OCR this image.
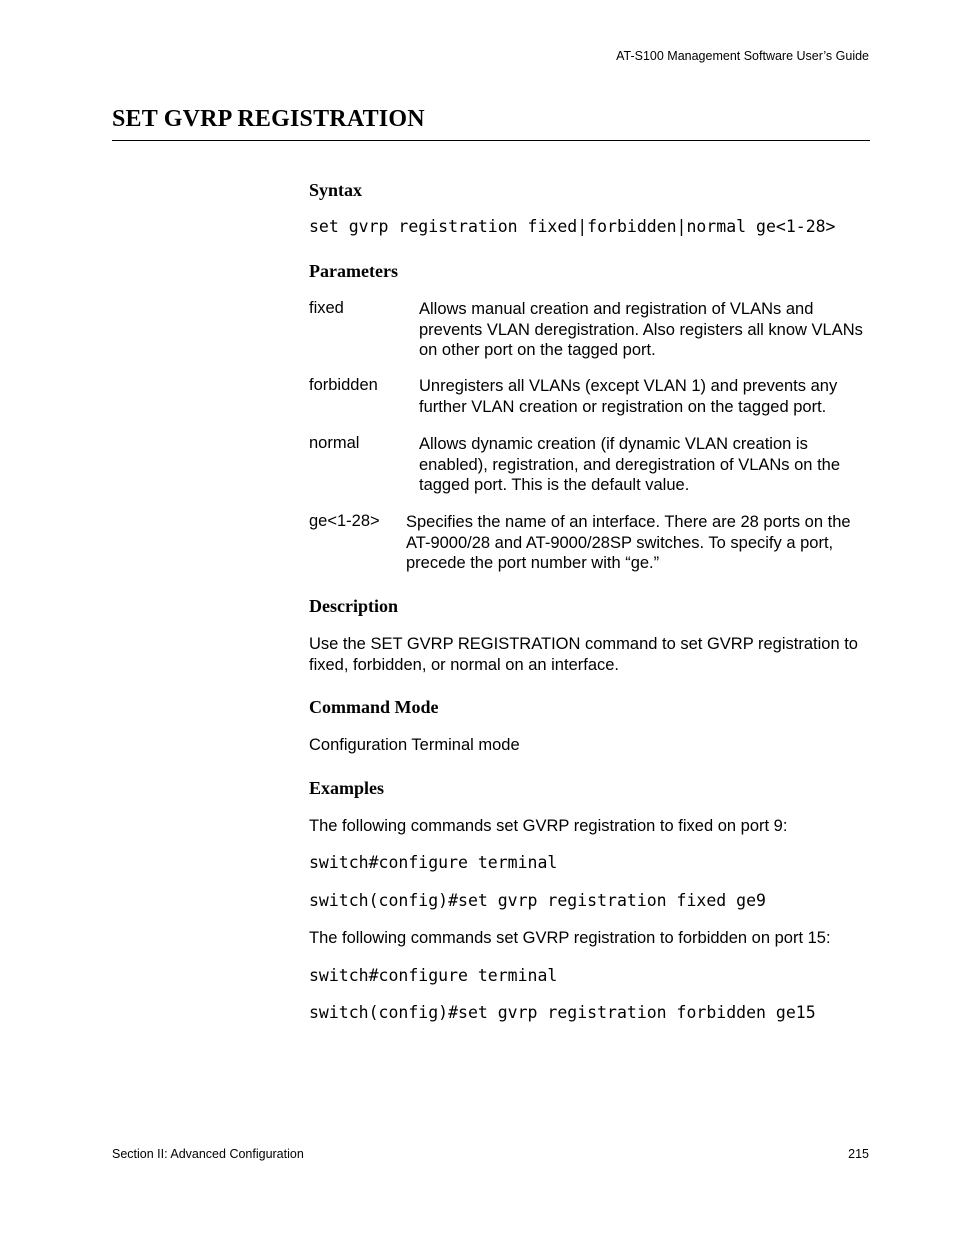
AT-S100 Management Software User’s Guide
SET GVRP REGISTRATION
Syntax
set gvrp registration fixed|forbidden|normal ge<1-28>
Parameters
fixed	Allows manual creation and registration of VLANs and prevents VLAN deregistration. Also registers all know VLANs on other port on the tagged port.
forbidden Unregisters all VLANs (except VLAN 1) and prevents any further VLAN creation or registration on the tagged port.
normal	Allows dynamic creation (if dynamic VLAN creation is enabled), registration, and deregistration of VLANs on the tagged port. This is the default value.
ge<1-28> Specifies the name of an interface. There are 28 ports on the AT-9000/28 and AT-9000/28SP switches. To specify a port, precede the port number with “ge.”
Description
Use the SET GVRP REGISTRATION command to set GVRP registration to fixed, forbidden, or normal on an interface.
Command Mode
Configuration Terminal mode
Examples
The following commands set GVRP registration to fixed on port 9:
switch#configure terminal
switch(config)#set gvrp registration fixed ge9
The following commands set GVRP registration to forbidden on port 15:
switch#configure terminal
switch(config)#set gvrp registration forbidden ge15
Section II: Advanced Configuration	215
